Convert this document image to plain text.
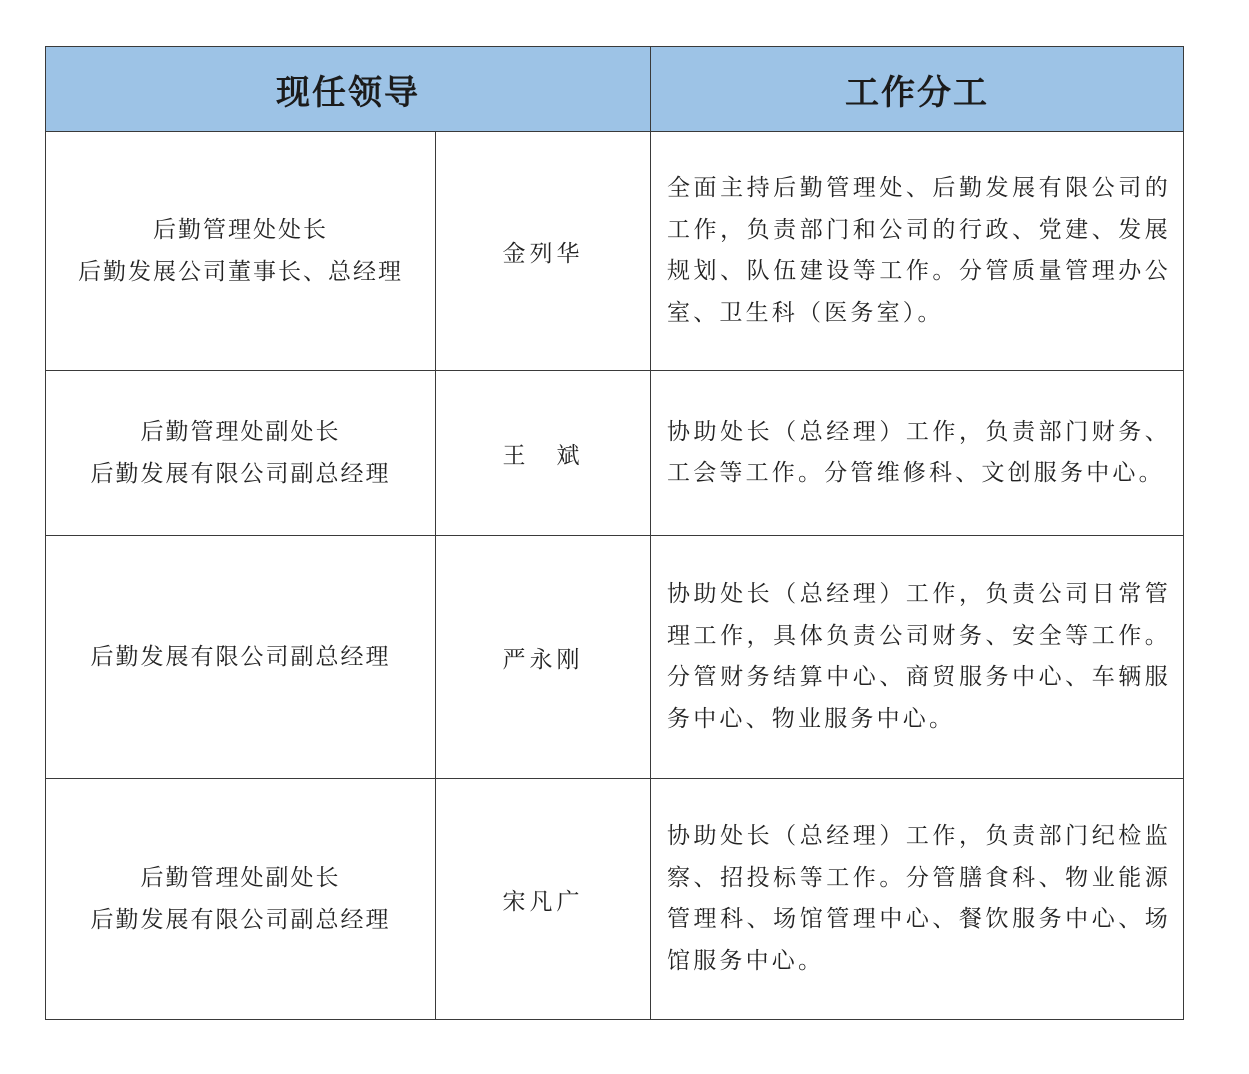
现任领导		工作分工

后勤管理处处长
后勤发展公司董事长、总经理	金列华	全面主持后勤管理处、后勤发展有限公司的工作，负责部门和公司的行政、党建、发展规划、队伍建设等工作。分管质量管理办公室、卫生科（医务室）。

后勤管理处副处长
后勤发展有限公司副总经理	王　斌	协助处长（总经理）工作，负责部门财务、工会等工作。分管维修科、文创服务中心。

后勤发展有限公司副总经理	严永刚	协助处长（总经理）工作，负责公司日常管理工作，具体负责公司财务、安全等工作。分管财务结算中心、商贸服务中心、车辆服务中心、物业服务中心。

后勤管理处副处长
后勤发展有限公司副总经理	宋凡广	协助处长（总经理）工作，负责部门纪检监察、招投标等工作。分管膳食科、物业能源管理科、场馆管理中心、餐饮服务中心、场馆服务中心。
